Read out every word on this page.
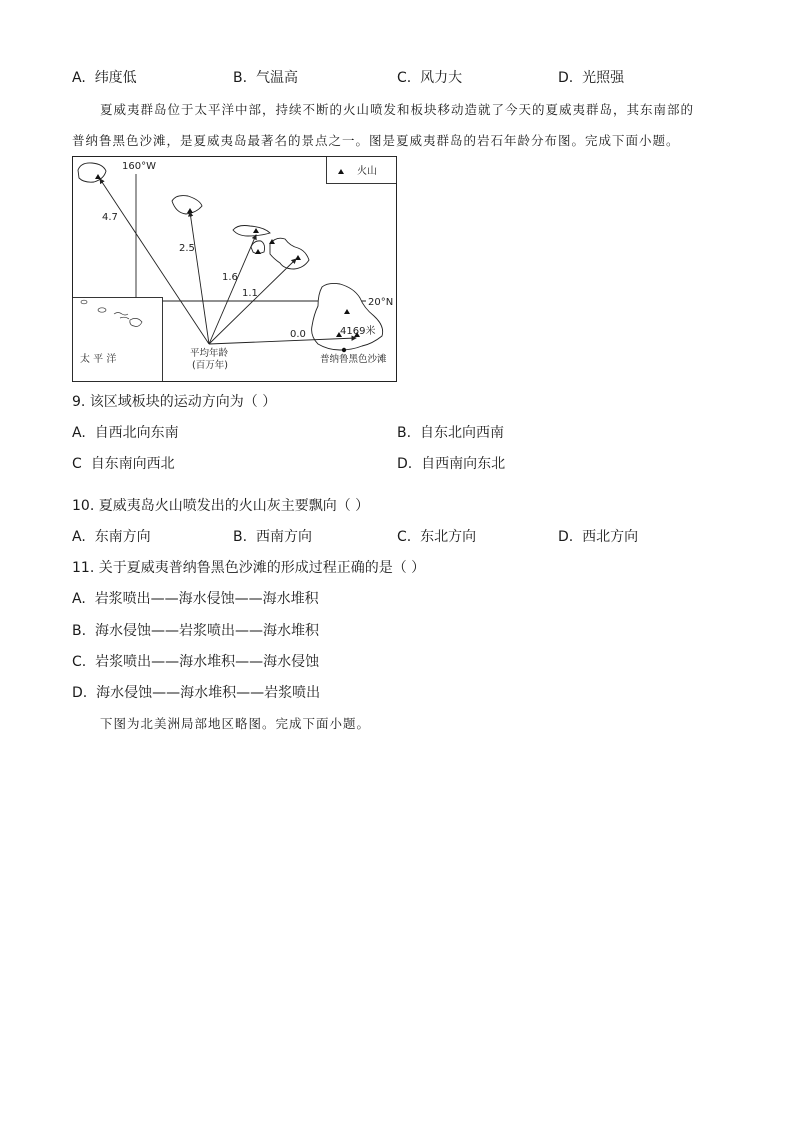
A. 纬度低	B. 气温高	C. 风力大	D. 光照强
夏威夷群岛位于太平洋中部，持续不断的火山喷发和板块移动造就了今天的夏威夷群岛，其东南部的
普纳鲁黑色沙滩，是夏威夷岛最著名的景点之一。图是夏威夷群岛的岩石年龄分布图。完成下面小题。
160°W
20°N
火山
太 平 洋
4.7
2.5
1.6
1.1
0.0	4169米
普纳鲁黑色沙滩
平均年龄
(百万年)
9. 该区域板块的运动方向为（ ）
A. 自西北向东南	B. 自东北向西南
C 自东南向西北	D. 自西南向东北
10. 夏威夷岛火山喷发出的火山灰主要飘向（ ）
A. 东南方向	B. 西南方向	C. 东北方向	D. 西北方向
11. 关于夏威夷普纳鲁黑色沙滩的形成过程正确的是（ ）
A. 岩浆喷出——海水侵蚀——海水堆积
B. 海水侵蚀——岩浆喷出——海水堆积
C. 岩浆喷出——海水堆积——海水侵蚀
D. 海水侵蚀——海水堆积——岩浆喷出
下图为北美洲局部地区略图。完成下面小题。
